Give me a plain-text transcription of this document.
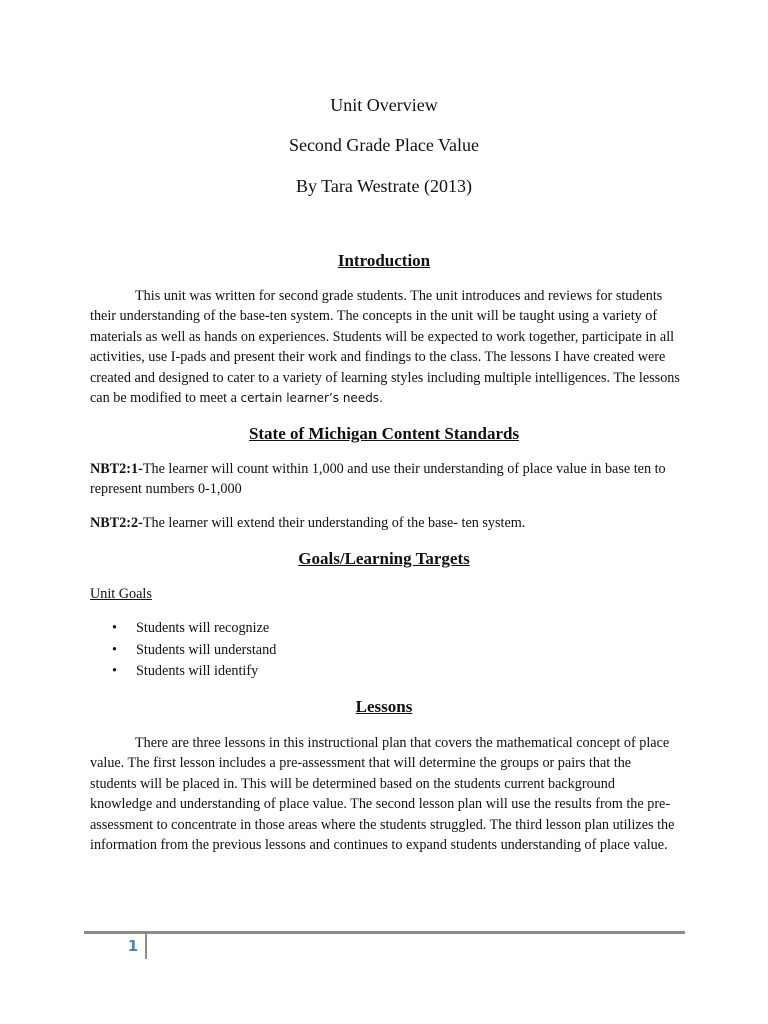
Unit Overview
Second Grade Place Value
By Tara Westrate (2013)
Introduction

This unit was written for second grade students. The unit introduces and reviews for students their understanding of the base-ten system. The concepts in the unit will be taught using a variety of materials as well as hands on experiences. Students will be expected to work together, participate in all activities, use I-pads and present their work and findings to the class. The lessons I have created were created and designed to cater to a variety of learning styles including multiple intelligences. The lessons can be modified to meet a certain learner’s needs.

State of Michigan Content Standards

NBT2:1-The learner will count within 1,000 and use their understanding of place value in base ten to represent numbers 0-1,000

NBT2:2-The learner will extend their understanding of the base- ten system.

Goals/Learning Targets
Unit Goals
• Students will recognize
• Students will understand
• Students will identify
Lessons

There are three lessons in this instructional plan that covers the mathematical concept of place value. The first lesson includes a pre-assessment that will determine the groups or pairs that the students will be placed in. This will be determined based on the students current background knowledge and understanding of place value. The second lesson plan will use the results from the pre-assessment to concentrate in those areas where the students struggled. The third lesson plan utilizes the information from the previous lessons and continues to expand students understanding of place value.

1
